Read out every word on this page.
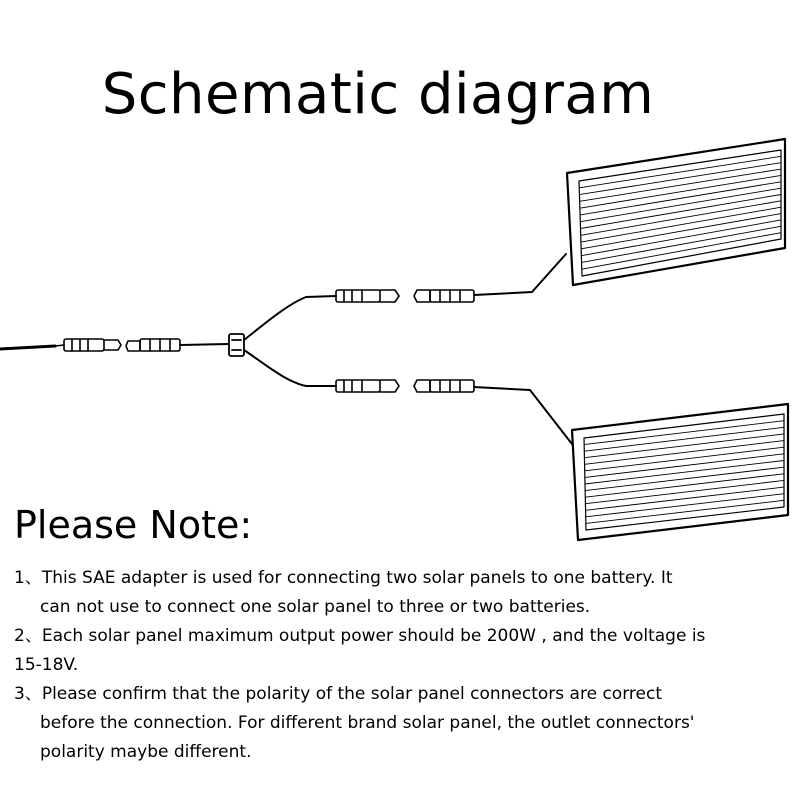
Schematic diagram
Please Note:
1、This SAE adapter is used for connecting two solar panels to one battery. It
can not use to connect one solar panel to three or two batteries.
2、Each solar panel maximum output power should be 200W , and the voltage is
15-18V.
3、Please confirm that the polarity of the solar panel connectors are correct
before the connection. For different brand solar panel, the outlet connectors'
polarity maybe different.
